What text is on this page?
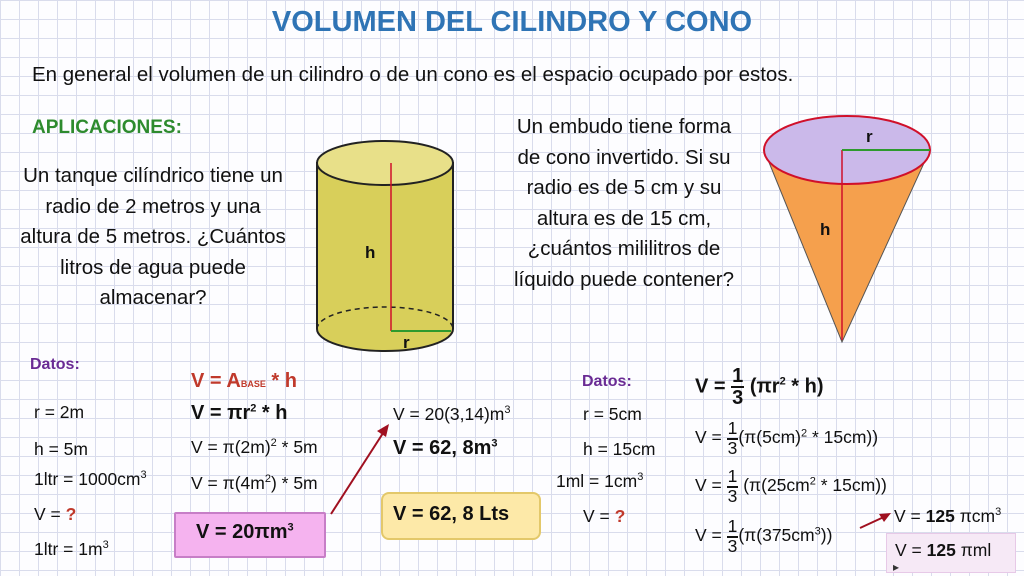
VOLUMEN DEL CILINDRO Y CONO
En general el volumen de un cilindro o de un cono es el espacio ocupado por estos.
APLICACIONES:
Un tanque cilíndrico tiene un radio de 2 metros y una altura de 5 metros. ¿Cuántos litros de agua puede almacenar?
Un embudo tiene forma de cono invertido. Si su radio es de 5 cm y su altura es de 15 cm, ¿cuántos mililitros de líquido puede contener?
h
r
r
h
Datos:
r = 2m
h = 5m
$1ltr = 1000cm^3$
V = ?
$1ltr = 1m^3$
V = ABASE * h
$V = \pi r^2 * h$
$V = \pi(2m)^2 * 5m$
$V = \pi(4m^2) * 5m$
$V = 20\pi m^3$
$V = 20(3,14)m^3$
V = 62, $8m^3$
V = 62, 8 Lts
Datos:
r = 5cm
h = 15cm
$1ml = 1cm^3$
V = ?
$V = \frac{1}{3} (\pi r^2 * h)$
$V = \frac{1}{3} (\pi(5cm)^2 * 15cm)$)
$V = \frac{1}{3} (\pi(25cm^2 * 15cm))$
$V = \frac{1}{3} (\pi(375cm^3))$
V = 125 πcm$^3$
V = 125 πml
▸
